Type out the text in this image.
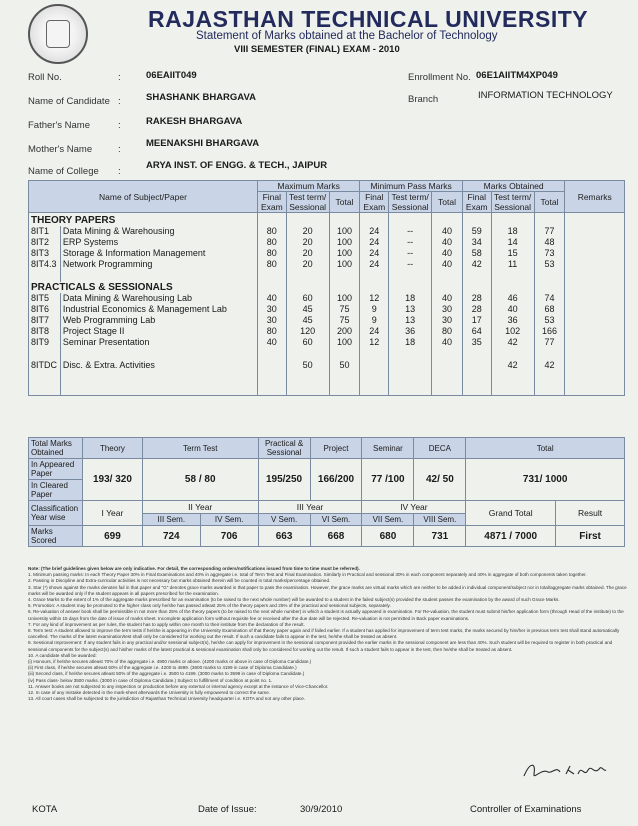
RAJASTHAN TECHNICAL UNIVERSITY
Statement of Marks obtained at the Bachelor of Technology
VIII SEMESTER (FINAL) EXAM - 2010
Roll No.	:	06EAIIT049	Enrollment No. 06E1AIITM4XP049
Name of Candidate :	SHASHANK BHARGAVA	Branch	INFORMATION TECHNOLOGY
Father's Name	:	RAKESH BHARGAVA
Mother's Name	:
MEENAKSHI BHARGAVA
Name of College :
ARYA INST. OF ENGG. & TECH., JAIPUR
Name of Subject/Paper		Maximum Marks			Minimum Pass Marks			Marks Obtained			Remarks
		Final Exam	Test term/ Sessional	Total	Final Exam	Test term/ Sessional	Total	Final Exam	Test term/ Sessional	Total	
THEORY PAPERS											
8IT1	Data Mining & Warehousing	80	20	100	24	--	40	59	18	77	
8IT2	ERP Systems	80	20	100	24	--	40	34	14	48	
8IT3	Storage & Information Management	80	20	100	24	--	40	58	15	73	
8IT4.3	Network Programming	80	20	100	24	--	40	42	11	53	

PRACTICALS & SESSIONALS											
8IT5	Data Mining & Warehousing Lab	40	60	100	12	18	40	28	46	74	
8IT6	Industrial Economics & Management Lab	30	45	75	9	13	30	28	40	68	
8IT7	Web Programming Lab	30	45	75	9	13	30	17	36	53	
8IT8	Project Stage II	80	120	200	24	36	80	64	102	166	
8IT9	Seminar Presentation	40	60	100	12	18	40	35	42	77	

8ITDC	Disc. & Extra. Activities		50	50					42	42	

Total Marks Obtained	Theory	Term Test		Practical & Sessional	Project	Seminar	DECA	Total	
In Appeared Paper	193/ 320	58 / 80		195/250	166/200	77 /100	42/ 50	731/ 1000	
In Cleared Paper									
Classification Year wise	I Year	II Year		III Year		IV Year		Grand Total	Result
		III Sem.	IV Sem.	V Sem.	VI Sem.	VII Sem.	VIII Sem.		
Marks Scored	699	724	706	663	668	680	731	4871 / 7000	First

Note: (The brief guidelines given below are only indicative. For detail, the corresponding orders/notifications issued from time to time must be referred).

1. Minimum passing marks: In each Theory Paper 30% in Final Examinations and 40% in aggregate i.e. total of Term Test and Final Examination. Similarly in Practical and sessional 30% in each component separately and 40% in aggregate of both components taken together.

2. Passing in Discipline and Extra-curricular activities is not necessary but marks obtained therein will be counted in total marks/percentage obtained.

3. Star (*) shown against the marks denotes fail in that paper and "G" denotes grace marks awarded in that paper to pass the examination. However, the grace marks are virtual marks which are neither to be added in individual component/subject nor in total/aggregate marks obtained. The grace marks will be awarded only if the student appears in all papers prescribed for the examination.

4. Grace Marks to the extent of 1% of the aggregate marks prescribed for an examination (to be raised to the next whole number) will be awarded to a student in the failed subject(s) provided the student passes the examination by the award of such Grace Marks.

5. Promotion: A student may be promoted to the higher class only he/she has passed atleast 25% of the theory papers and 25% of the practical and sessional subjects, separately.

6. Re-valuation of answer book shall be permissible in not more than 25% of the theory papers (to be raised to the next whole number) in which a student is actually appeared in examination. For Re-valuation, the student must submit his/her application form (through Head of the institute) to the University within 15 days from the date of issue of marks sheet. Incomplete application form without requisite fee or received after the due date will be rejected. Re-valuation is not permitted in Back paper examinations.

7. For any kind of improvement as per rules, the student has to apply within one month to their institute from the declaration of the result.

8. Term test: A student allowed to improve the term tests if he/she is appearing in the University Examination of that theory paper again and if failed earlier. If a student has applied for improvement of term test marks, the marks secured by him/her in previous term test shall stand automatically cancelled. The marks of the latest examination/test shall only be considered for working out the result. If such a candidate fails to appear in the test, he/she shall be treated as absent.

9. Sessional Improvement: If any student fails in any practical and/or sessional subject(s), he/she can apply for improvement in the sessional component provided the earlier marks in the sessional component are less than 40%. Such student will be required to register in both practical and sessional components for the subject(s) and his/her marks of the latest practical & sessional examination shall only be considered for working out the result. If such a student fails to appear in the test, then he/she shall be treated as absent.

10. A candidate shall be awarded:

(i) Honours, if he/she secures atleast 70% of the aggregate i.e. 4900 marks or above. (4200 marks or above in case of Diploma Candidate.)

(ii) First class, if he/she secures atleast 60% of the aggregate i.e. 4200 to 4899. (3600 marks to 4199 in case of Diploma Candidate.)

(iii) Second class, if he/she secures atleast 50% of the aggregate i.e. 3500 to 4199. (3000 marks to 3599 in case of Diploma Candidate.)

(iv) Pass class- below 3500 marks. (3000 in case of Diploma Candidate.) Subject to fulfillment of condition at point no. 1.

11. Answer books are not subjected to any inspection or production before any external or internal agency except at the instance of Vice-Chancellor.

12. In case of any mistake detected in the mark-sheet afterwards the University is fully empowered to correct the same.

13. All court cases shall be subjected to the jurisdiction of Rajasthan Technical University headquarter i.e. KOTA and not any other place.

KOTA	Date of Issue:	30/9/2010	Controller of Examinations
